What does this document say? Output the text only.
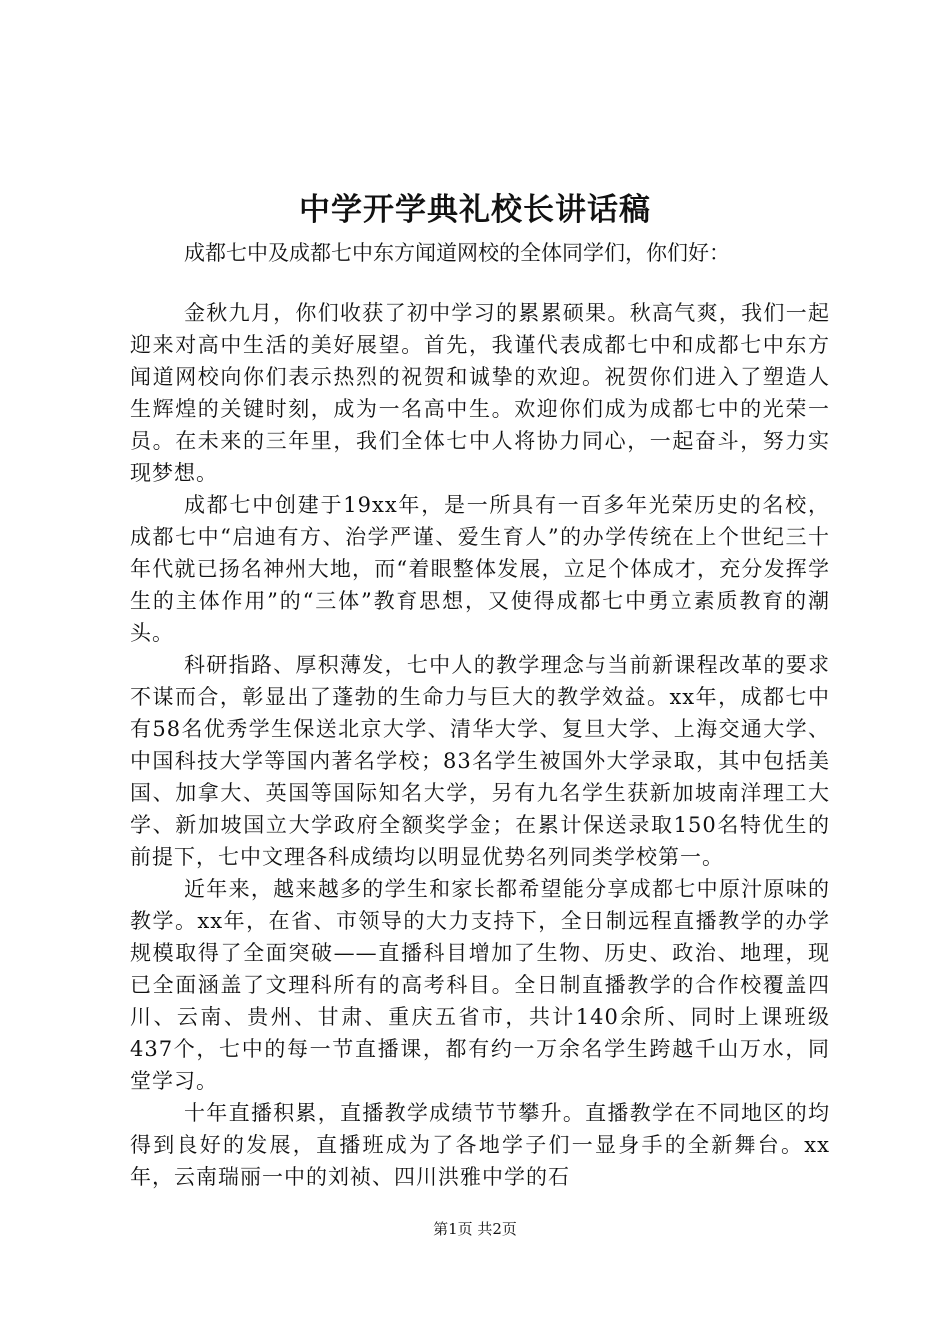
中学开学典礼校长讲话稿

成都七中及成都七中东方闻道网校的全体同学们，你们好：

金秋九月，你们收获了初中学习的累累硕果。秋高气爽，我们一起迎来对高中生活的美好展望。首先，我谨代表成都七中和成都七中东方闻道网校向你们表示热烈的祝贺和诚挚的欢迎。祝贺你们进入了塑造人生辉煌的关键时刻，成为一名高中生。欢迎你们成为成都七中的光荣一员。在未来的三年里，我们全体七中人将协力同心，一起奋斗，努力实现梦想。

成都七中创建于19xx年，是一所具有一百多年光荣历史的名校，成都七中“启迪有方、治学严谨、爱生育人”的办学传统在上个世纪三十年代就已扬名神州大地，而“着眼整体发展，立足个体成才，充分发挥学生的主体作用”的“三体”教育思想，又使得成都七中勇立素质教育的潮头。

科研指路、厚积薄发，七中人的教学理念与当前新课程改革的要求不谋而合，彰显出了蓬勃的生命力与巨大的教学效益。xx年，成都七中有58名优秀学生保送北京大学、清华大学、复旦大学、上海交通大学、中国科技大学等国内著名学校；83名学生被国外大学录取，其中包括美国、加拿大、英国等国际知名大学，另有九名学生获新加坡南洋理工大学、新加坡国立大学政府全额奖学金；在累计保送录取150名特优生的前提下，七中文理各科成绩均以明显优势名列同类学校第一。

近年来，越来越多的学生和家长都希望能分享成都七中原汁原味的教学。xx年，在省、市领导的大力支持下，全日制远程直播教学的办学规模取得了全面突破——直播科目增加了生物、历史、政治、地理，现已全面涵盖了文理科所有的高考科目。全日制直播教学的合作校覆盖四川、云南、贵州、甘肃、重庆五省市，共计140余所、同时上课班级437个，七中的每一节直播课，都有约一万余名学生跨越千山万水，同堂学习。

十年直播积累，直播教学成绩节节攀升。直播教学在不同地区的均得到良好的发展，直播班成为了各地学子们一显身手的全新舞台。xx年，云南瑞丽一中的刘祯、四川洪雅中学的石

第1页 共2页
